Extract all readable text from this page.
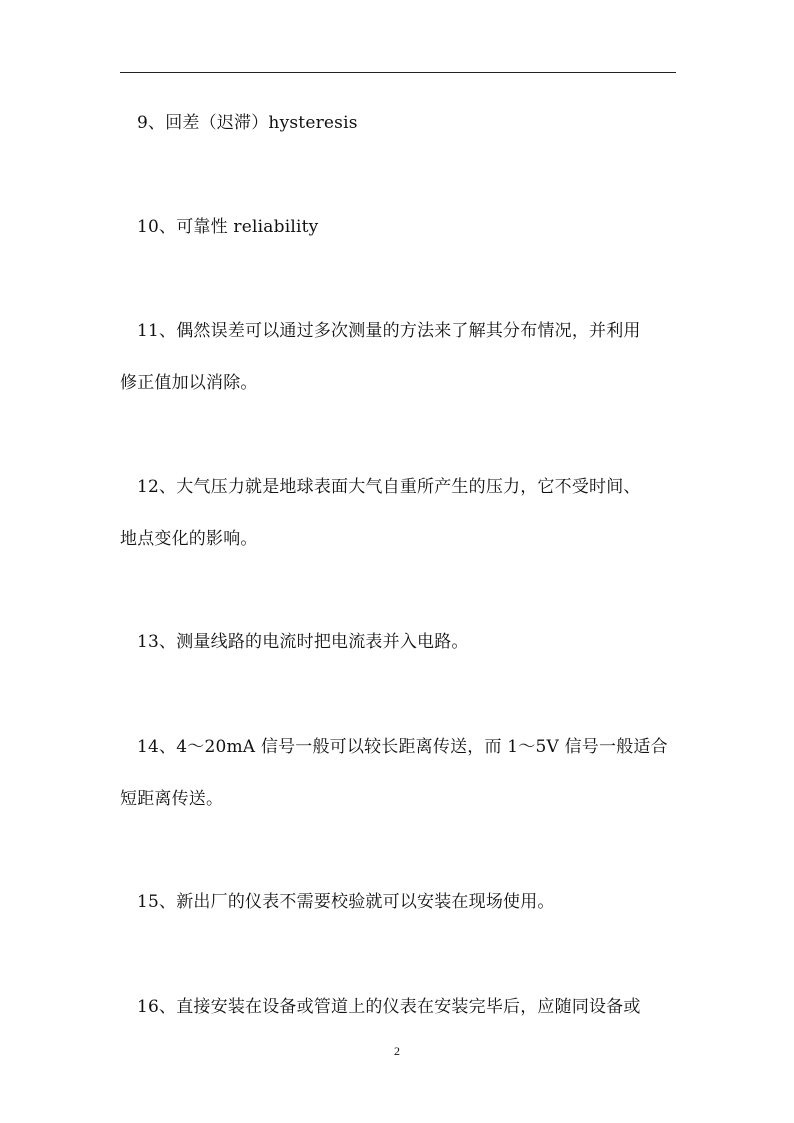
9、回差（迟滞）hysteresis
10、可靠性 reliability
11、偶然误差可以通过多次测量的方法来了解其分布情况，并利用
修正值加以消除。
12、大气压力就是地球表面大气自重所产生的压力，它不受时间、
地点变化的影响。
13、测量线路的电流时把电流表并入电路。
14、4～20mA 信号一般可以较长距离传送，而 1～5V 信号一般适合
短距离传送。
15、新出厂的仪表不需要校验就可以安装在现场使用。
16、直接安装在设备或管道上的仪表在安装完毕后，应随同设备或
2
